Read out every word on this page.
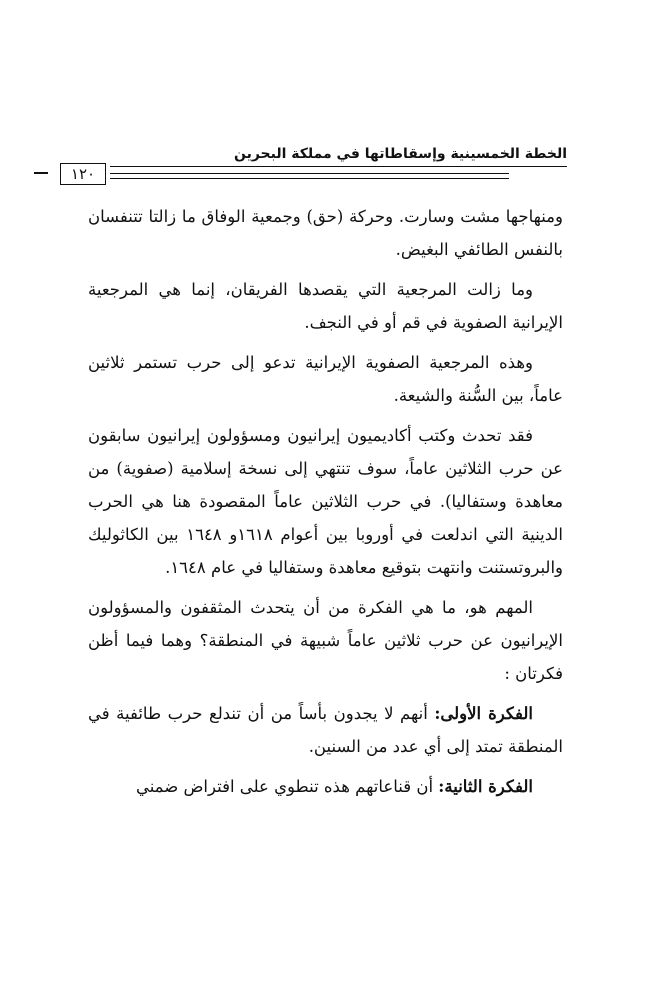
الخطة الخمسينية وإسقاطاتها في مملكة البحرين
١٢٠

ومنهاجها مشت وسارت. وحركة (حق) وجمعية الوفاق ما زالتا تتنفسان بالنفس الطائفي البغيض.

وما زالت المرجعية التي يقصدها الفريقان، إنما هي المرجعية الإيرانية الصفوية في قم أو في النجف.

وهذه المرجعية الصفوية الإيرانية تدعو إلى حرب تستمر ثلاثين عاماً، بين السُّنة والشيعة.

فقد تحدث وكتب أكاديميون إيرانيون ومسؤولون إيرانيون سابقون عن حرب الثلاثين عاماً، سوف تنتهي إلى نسخة إسلامية (صفوية) من معاهدة وستفاليا). في حرب الثلاثين عاماً المقصودة هنا هي الحرب الدينية التي اندلعت في أوروبا بين أعوام ١٦١٨و ١٦٤٨ بين الكاثوليك والبروتستنت وانتهت بتوقيع معاهدة وستفاليا في عام ١٦٤٨.

المهم هو، ما هي الفكرة من أن يتحدث المثقفون والمسؤولون الإيرانيون عن حرب ثلاثين عاماً شبيهة في المنطقة؟ وهما فيما أظن فكرتان :

الفكرة الأولى: أنهم لا يجدون بأساً من أن تندلع حرب طائفية في المنطقة تمتد إلى أي عدد من السنين.

الفكرة الثانية: أن قناعاتهم هذه تنطوي على افتراض ضمني
